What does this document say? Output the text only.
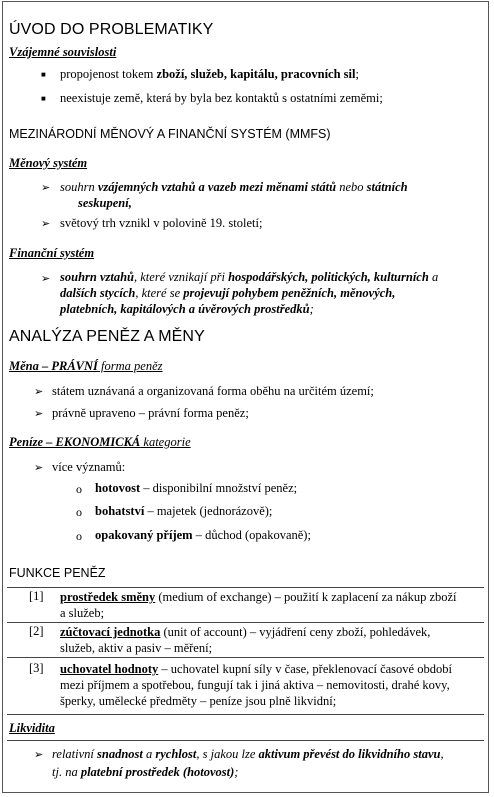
ÚVOD DO PROBLEMATIKY
Vzájemné souvislosti
■ propojenost tokem zboží, služeb, kapitálu, pracovních sil;
■ neexistuje země, která by byla bez kontaktů s ostatními zeměmi;
MEZINÁRODNÍ MĚNOVÝ A FINANČNÍ SYSTÉM (MMFS)
Měnový systém
➢ souhrn vzájemných vztahů a vazeb mezi měnami států nebo státních
seskupení,
➢ světový trh vznikl v polovině 19. století;
Finanční systém
➢ souhrn vztahů, které vznikají při hospodářských, politických, kulturních a
dalších stycích, které se projevují pohybem peněžních, měnových,
platebních, kapitálových a úvěrových prostředků;
ANALÝZA PENĚZ A MĚNY
Měna – PRÁVNÍ forma peněz
➢ státem uznávaná a organizovaná forma oběhu na určitém území;
➢ právně upraveno – právní forma peněz;
Peníze – EKONOMICKÁ kategorie
➢ více významů:
o hotovost – disponibilní množství peněz;
o bohatství – majetek (jednorázově);
o opakovaný příjem – důchod (opakovaně);
FUNKCE PENĚZ
[1] prostředek směny (medium of exchange) – použití k zaplacení za nákup zboží
a služeb;
[2] zúčtovací jednotka (unit of account) – vyjádření ceny zboží, pohledávek,
služeb, aktiv a pasiv – měření;
[3] uchovatel hodnoty – uchovatel kupní síly v čase, překlenovací časové období
mezi příjmem a spotřebou, fungují tak i jiná aktiva – nemovitosti, drahé kovy,
šperky, umělecké předměty – peníze jsou plně likvidní;
Likvidita
➢ relativní snadnost a rychlost, s jakou lze aktivum převést do likvidního stavu,
tj. na platební prostředek (hotovost);
